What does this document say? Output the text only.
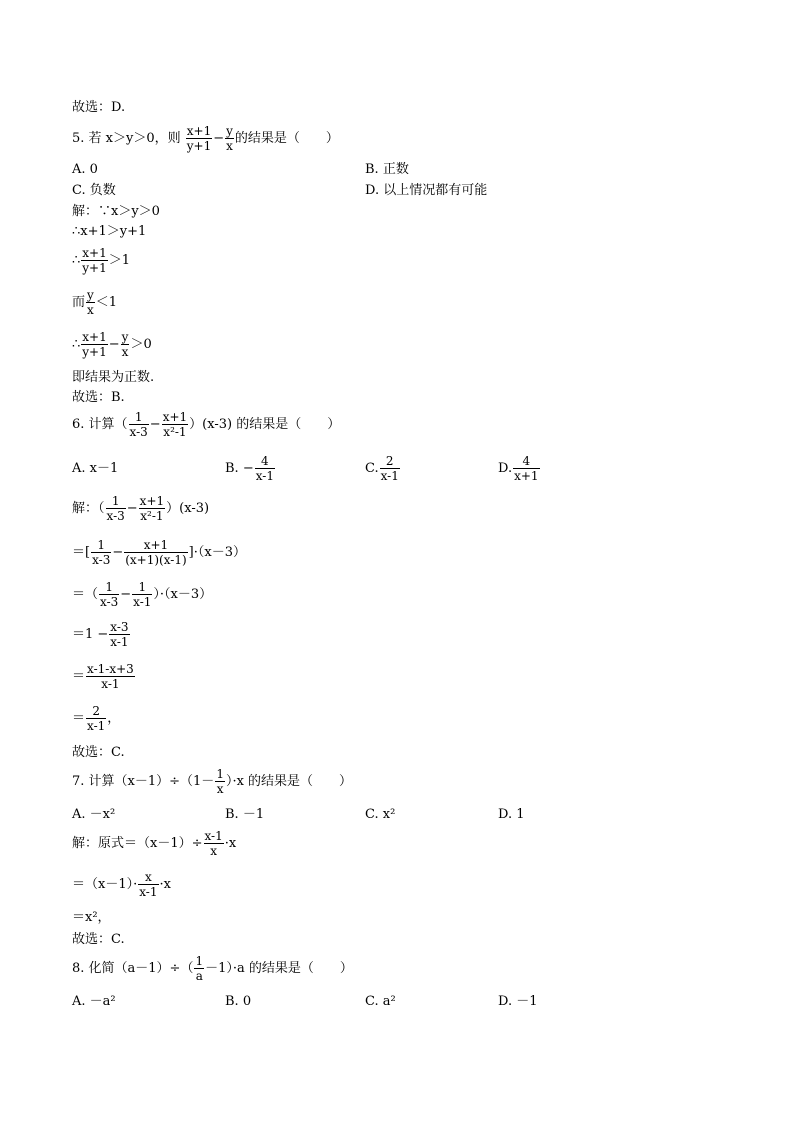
故选：D.
5. 若 x＞y＞0，则 $\frac{x+1}{y+1} - \frac{y}{x}$ 的结果是（　　）
A. 0	B. 正数
C. 负数	D. 以上情况都有可能
解：∵x＞y＞0
∴x+1＞y+1
∴ $\frac{x+1}{y+1} >1$
而 $\frac{y}{x} <1$
∴ $\frac{x+1}{y+1} - \frac{y}{x} >0$
即结果为正数.
故选：B.
6. 计算（ $\frac{1}{x-3} - \frac{x+1}{\text{x²-1}} )(x-3)$ 的结果是（　　）
A. x－1	B. − $\frac{4}{x-1}$	C. $\frac{2}{x-1}$	D. $\frac{4}{x+1}$
解：（ $\frac{1}{x-3} - \frac{x+1}{\text{x²-1}} )(x-3)$
＝[ $\frac{1}{x-3} - \frac{x+1}{(x+1)(x-1)} ]\cdot(x-3)$
＝（ $\frac{1}{x-3} - \frac{1}{x-1} )\cdot(x-3)$
$=1 - \frac{x-3}{x-1}$
＝ $\frac{x-1-x+3}{x-1}$
＝ $\frac{2}{x-1}$ ，
故选：C.
7. 计算$(x-1)\div(1- \frac{1}{x} )\cdot x$ 的结果是（　　）
A. －x²	B. －1	C. x²	D. 1
解：原式$=(x-1)\div \frac{x-1}{x} \cdot x$
$=(x-1)\cdot \frac{x}{x-1} \cdot x$
＝x²，
故选：C.
8. 化简$(a-1)\div( \frac{1}{a} -1)\cdot a$ 的结果是（　　）
A. －a²	B. 0	C. a²	D. －1
